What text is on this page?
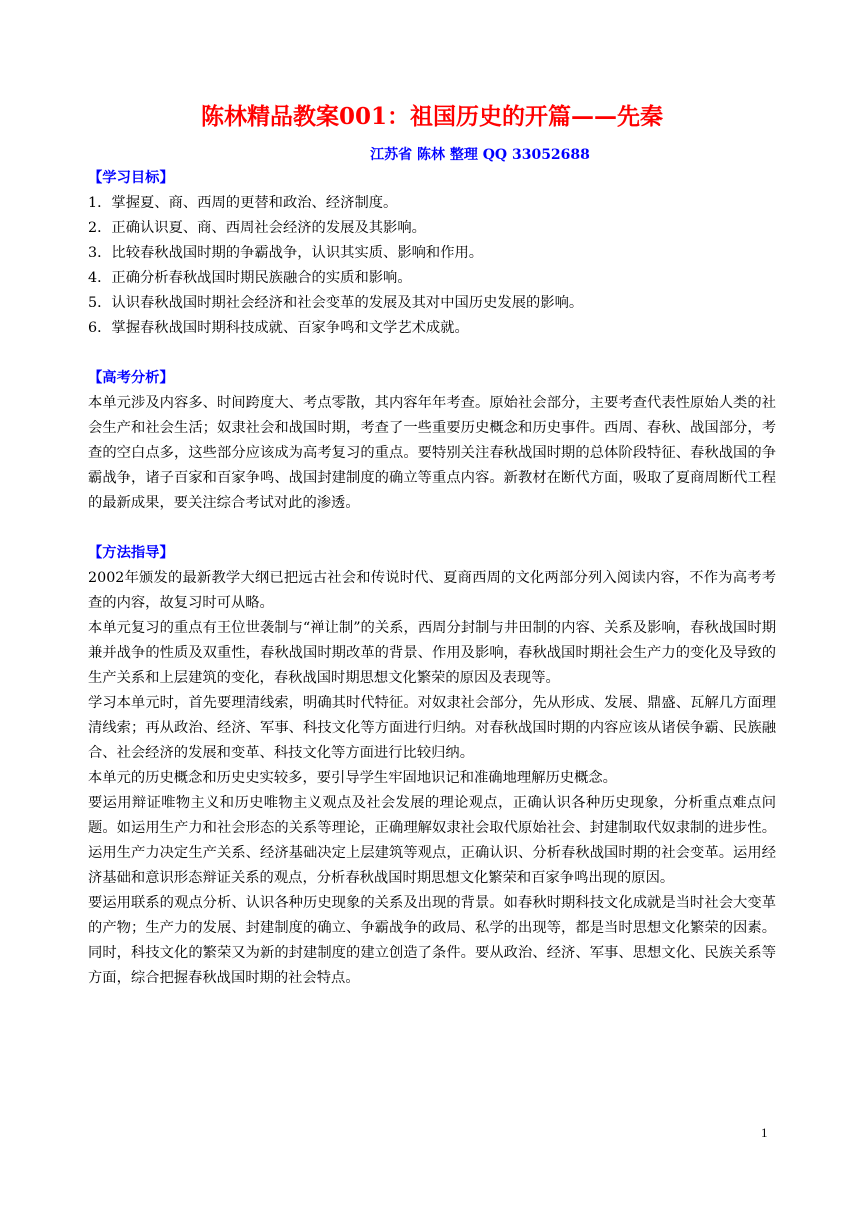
陈林精品教案001：祖国历史的开篇——先秦
江苏省 陈林 整理 QQ 33052688

【学习目标】

1．掌握夏、商、西周的更替和政治、经济制度。

2．正确认识夏、商、西周社会经济的发展及其影响。

3．比较春秋战国时期的争霸战争，认识其实质、影响和作用。

4．正确分析春秋战国时期民族融合的实质和影响。

5．认识春秋战国时期社会经济和社会变革的发展及其对中国历史发展的影响。

6．掌握春秋战国时期科技成就、百家争鸣和文学艺术成就。

【高考分析】

本单元涉及内容多、时间跨度大、考点零散，其内容年年考查。原始社会部分，主要考查代表性原始人类的社会生产和社会生活；奴隶社会和战国时期，考查了一些重要历史概念和历史事件。西周、春秋、战国部分，考查的空白点多，这些部分应该成为高考复习的重点。要特别关注春秋战国时期的总体阶段特征、春秋战国的争霸战争，诸子百家和百家争鸣、战国封建制度的确立等重点内容。新教材在断代方面，吸取了夏商周断代工程的最新成果，要关注综合考试对此的渗透。

【方法指导】

2002年颁发的最新教学大纲已把远古社会和传说时代、夏商西周的文化两部分列入阅读内容，不作为高考考查的内容，故复习时可从略。

本单元复习的重点有王位世袭制与“禅让制”的关系，西周分封制与井田制的内容、关系及影响，春秋战国时期兼并战争的性质及双重性，春秋战国时期改革的背景、作用及影响，春秋战国时期社会生产力的变化及导致的生产关系和上层建筑的变化，春秋战国时期思想文化繁荣的原因及表现等。

学习本单元时，首先要理清线索，明确其时代特征。对奴隶社会部分，先从形成、发展、鼎盛、瓦解几方面理清线索；再从政治、经济、军事、科技文化等方面进行归纳。对春秋战国时期的内容应该从诸侯争霸、民族融合、社会经济的发展和变革、科技文化等方面进行比较归纳。

本单元的历史概念和历史史实较多，要引导学生牢固地识记和准确地理解历史概念。

要运用辩证唯物主义和历史唯物主义观点及社会发展的理论观点，正确认识各种历史现象，分析重点难点问题。如运用生产力和社会形态的关系等理论，正确理解奴隶社会取代原始社会、封建制取代奴隶制的进步性。运用生产力决定生产关系、经济基础决定上层建筑等观点，正确认识、分析春秋战国时期的社会变革。运用经济基础和意识形态辩证关系的观点，分析春秋战国时期思想文化繁荣和百家争鸣出现的原因。

要运用联系的观点分析、认识各种历史现象的关系及出现的背景。如春秋时期科技文化成就是当时社会大变革的产物；生产力的发展、封建制度的确立、争霸战争的政局、私学的出现等，都是当时思想文化繁荣的因素。同时，科技文化的繁荣又为新的封建制度的建立创造了条件。要从政治、经济、军事、思想文化、民族关系等方面，综合把握春秋战国时期的社会特点。

1
